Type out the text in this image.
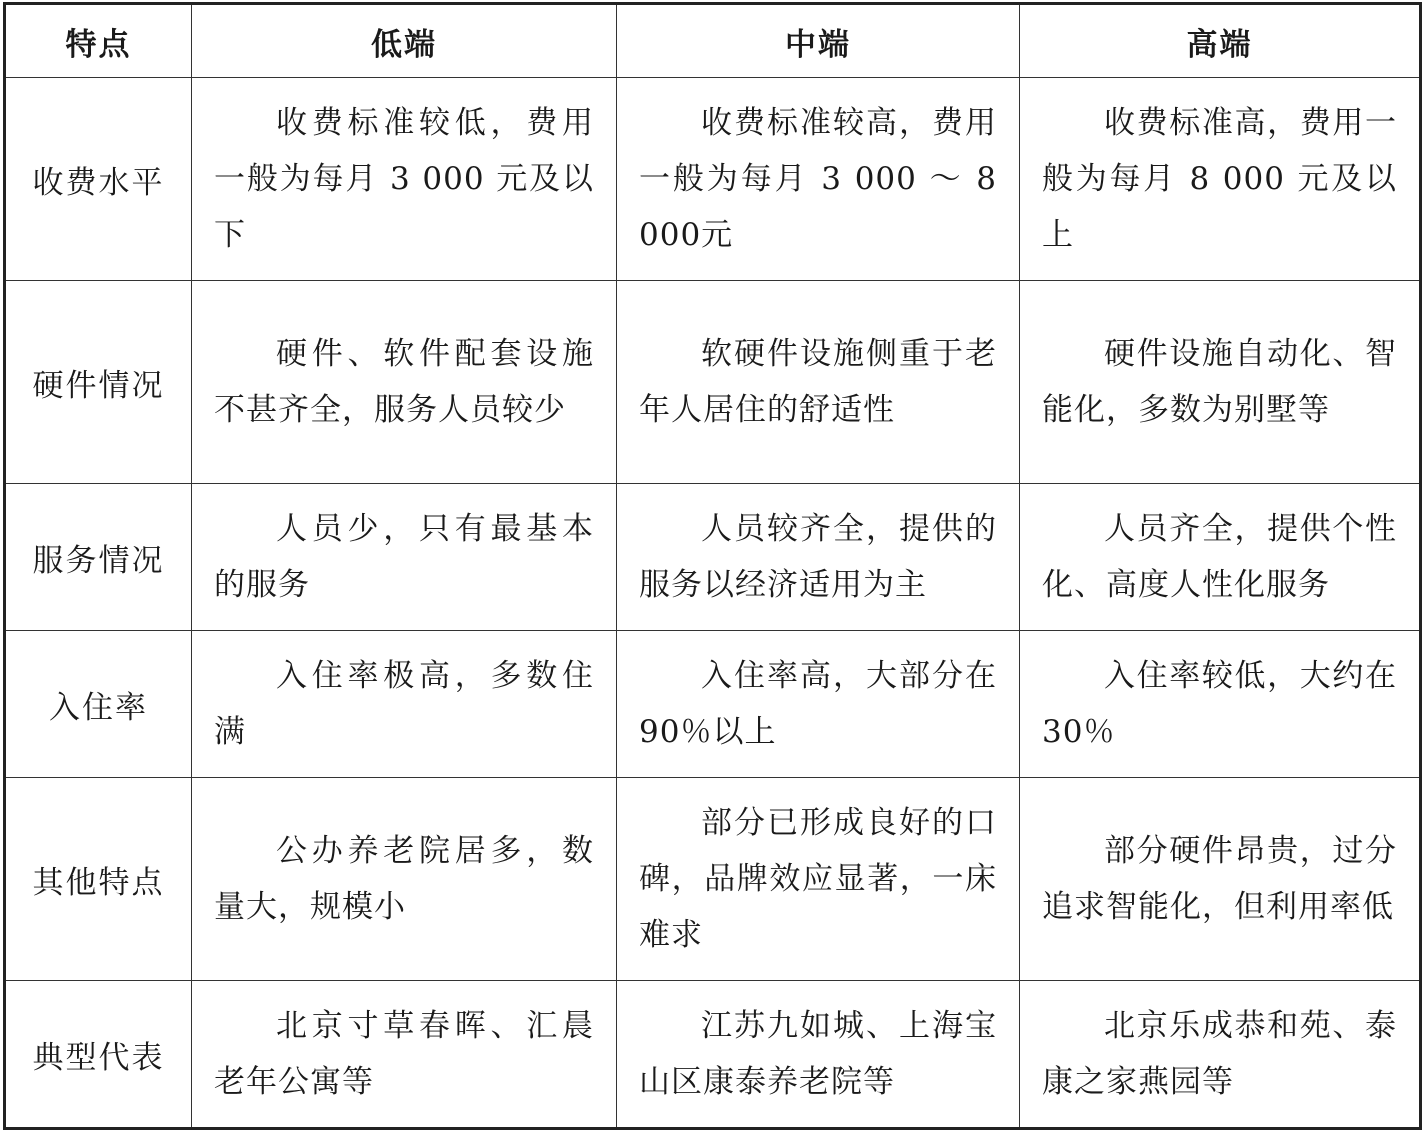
特点	低端	中端	高端
收费水平	收费标准较低，费用一般为每月 3 000 元及以下	收费标准较高，费用一般为每月 3 000 ～ 8 000元	收费标准高，费用一般为每月 8 000 元及以上
硬件情况	硬件、软件配套设施不甚齐全，服务人员较少	软硬件设施侧重于老年人居住的舒适性	硬件设施自动化、智能化，多数为别墅等
服务情况	人员少，只有最基本的服务	人员较齐全，提供的服务以经济适用为主	人员齐全，提供个性化、高度人性化服务
入住率	入住率极高，多数住满	入住率高，大部分在90％以上	入住率较低，大约在 30％
其他特点	公办养老院居多，数量大，规模小	部分已形成良好的口碑，品牌效应显著，一床难求	部分硬件昂贵，过分追求智能化，但利用率低
典型代表	北京寸草春晖、汇晨老年公寓等	江苏九如城、上海宝山区康泰养老院等	北京乐成恭和苑、泰康之家燕园等
